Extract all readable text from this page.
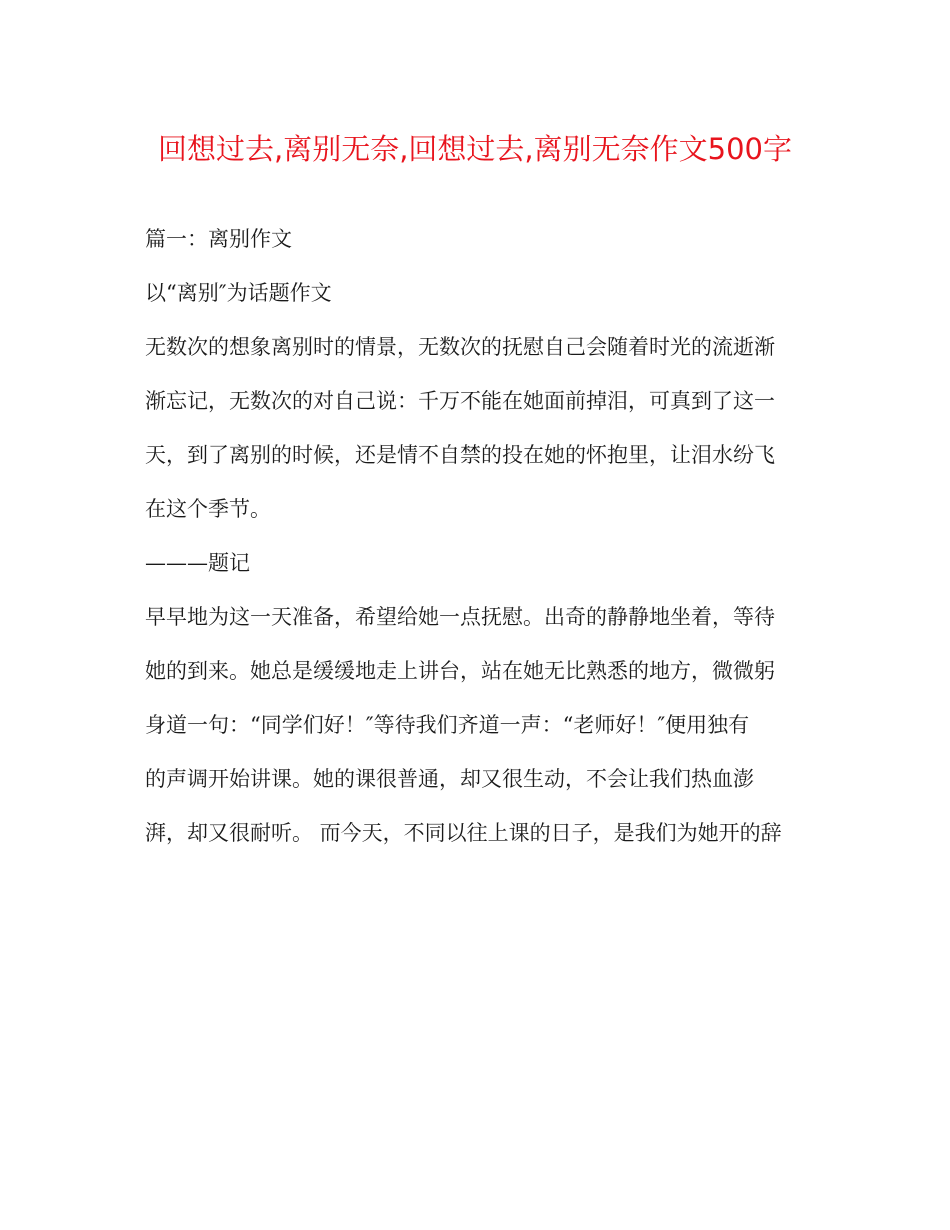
回想过去,离别无奈,回想过去,离别无奈作文500字
篇一：离别作文
以“离别″为话题作文
无数次的想象离别时的情景，无数次的抚慰自己会随着时光的流逝渐
渐忘记，无数次的对自己说：千万不能在她面前掉泪，可真到了这一
天，到了离别的时候，还是情不自禁的投在她的怀抱里，让泪水纷飞
在这个季节。
———题记
早早地为这一天准备，希望给她一点抚慰。出奇的静静地坐着，等待
她的到来。她总是缓缓地走上讲台，站在她无比熟悉的地方，微微躬
身道一句：“同学们好！″等待我们齐道一声：“老师好！″便用独有
的声调开始讲课。她的课很普通，却又很生动，不会让我们热血澎
湃，却又很耐听。 而今天，不同以往上课的日子，是我们为她开的辞
